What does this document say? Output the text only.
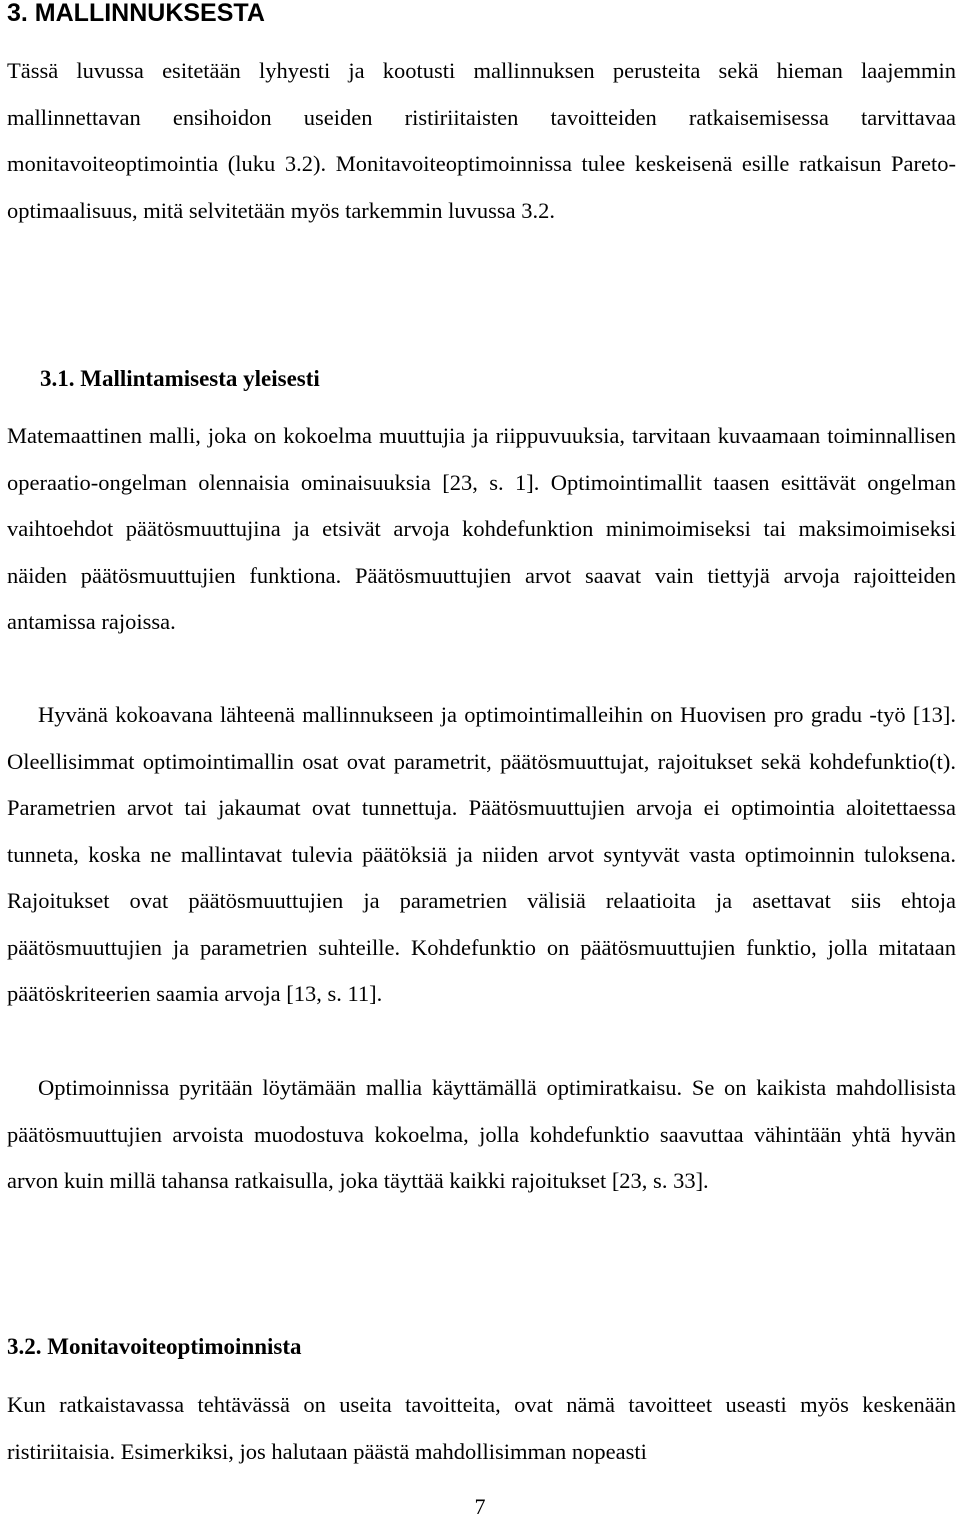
3. MALLINNUKSESTA

Tässä luvussa esitetään lyhyesti ja kootusti mallinnuksen perusteita sekä hieman laajemmin mallinnettavan ensihoidon useiden ristiriitaisten tavoitteiden ratkaisemisessa tarvittavaa monitavoiteoptimointia (luku 3.2). Monitavoiteoptimoinnissa tulee keskeisenä esille ratkaisun Pareto-optimaalisuus, mitä selvitetään myös tarkemmin luvussa 3.2.

3.1. Mallintamisesta yleisesti

Matemaattinen malli, joka on kokoelma muuttujia ja riippuvuuksia, tarvitaan kuvaamaan toiminnallisen operaatio-ongelman olennaisia ominaisuuksia [23, s. 1]. Optimointimallit taasen esittävät ongelman vaihtoehdot päätösmuuttujina ja etsivät arvoja kohdefunktion minimoimiseksi tai maksimoimiseksi näiden päätösmuuttujien funktiona. Päätösmuuttujien arvot saavat vain tiettyjä arvoja rajoitteiden antamissa rajoissa.

Hyvänä kokoavana lähteenä mallinnukseen ja optimointimalleihin on Huovisen pro gradu -työ [13]. Oleellisimmat optimointimallin osat ovat parametrit, päätösmuuttujat, rajoitukset sekä kohdefunktio(t). Parametrien arvot tai jakaumat ovat tunnettuja. Päätösmuuttujien arvoja ei optimointia aloitettaessa tunneta, koska ne mallintavat tulevia päätöksiä ja niiden arvot syntyvät vasta optimoinnin tuloksena. Rajoitukset ovat päätösmuuttujien ja parametrien välisiä relaatioita ja asettavat siis ehtoja päätösmuuttujien ja parametrien suhteille. Kohdefunktio on päätösmuuttujien funktio, jolla mitataan päätöskriteerien saamia arvoja [13, s. 11].

Optimoinnissa pyritään löytämään mallia käyttämällä optimiratkaisu. Se on kaikista mahdollisista päätösmuuttujien arvoista muodostuva kokoelma, jolla kohdefunktio saavuttaa vähintään yhtä hyvän arvon kuin millä tahansa ratkaisulla, joka täyttää kaikki rajoitukset [23, s. 33].

3.2. Monitavoiteoptimoinnista

Kun ratkaistavassa tehtävässä on useita tavoitteita, ovat nämä tavoitteet useasti myös keskenään ristiriitaisia. Esimerkiksi, jos halutaan päästä mahdollisimman nopeasti

7
